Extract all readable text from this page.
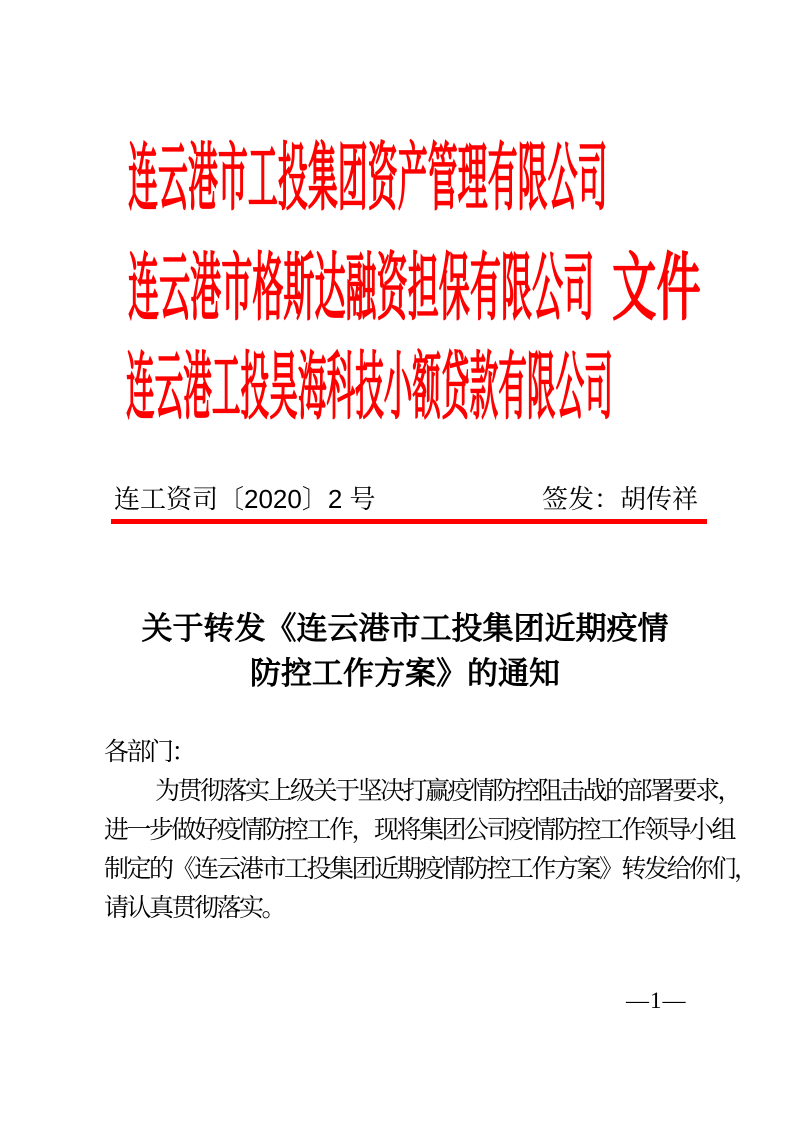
连云港市工投集团资产管理有限公司
连云港市格斯达融资担保有限公司 文件
连云港工投昊海科技小额贷款有限公司
连工资司〔2020〕2 号	签发：胡传祥
关于转发《连云港市工投集团近期疫情
防控工作方案》的通知
各部门：
为贯彻落实上级关于坚决打赢疫情防控阻击战的部署要求，
进一步做好疫情防控工作，现将集团公司疫情防控工作领导小组
制定的《连云港市工投集团近期疫情防控工作方案》转发给你们，
请认真贯彻落实。
—1—
